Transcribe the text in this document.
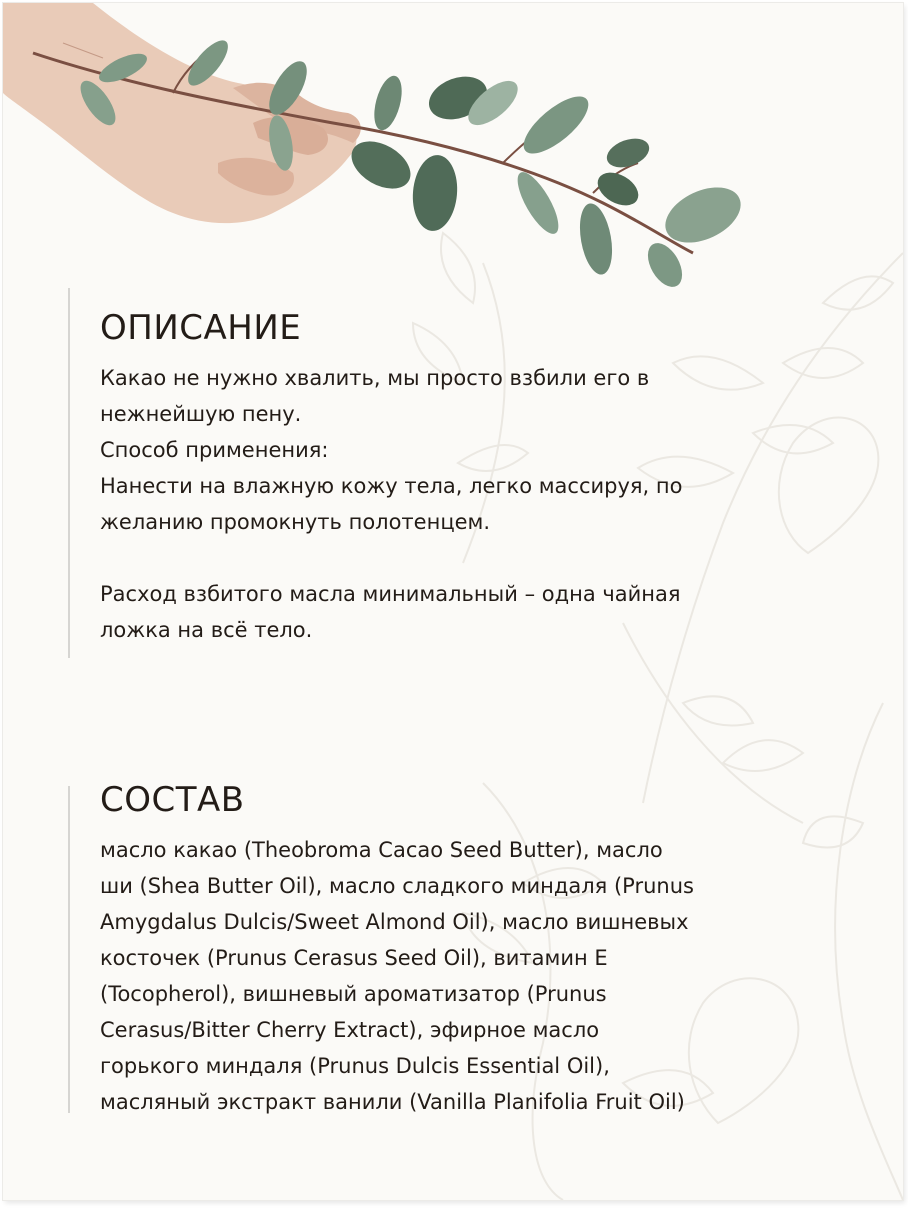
ОПИСАНИЕ

Какао не нужно хвалить, мы просто взбили его в

нежнейшую пену.

Способ применения:

Нанести на влажную кожу тела, легко массируя, по

желанию промокнуть полотенцем.

Расход взбитого масла минимальный – одна чайная

ложка на всё тело.

СОСТАВ

масло какао (Theobroma Cacao Seed Butter), масло

ши (Shea Butter Oil), масло сладкого миндаля (Prunus

Amygdalus Dulcis/Sweet Almond Oil), масло вишневых

косточек (Prunus Cerasus Seed Oil), витамин Е

(Tocopherol), вишневый ароматизатор (Prunus

Cerasus/Bitter Cherry Extract), эфирное масло

горького миндаля (Prunus Dulcis Essential Oil),

масляный экстракт ванили (Vanilla Planifolia Fruit Oil)
